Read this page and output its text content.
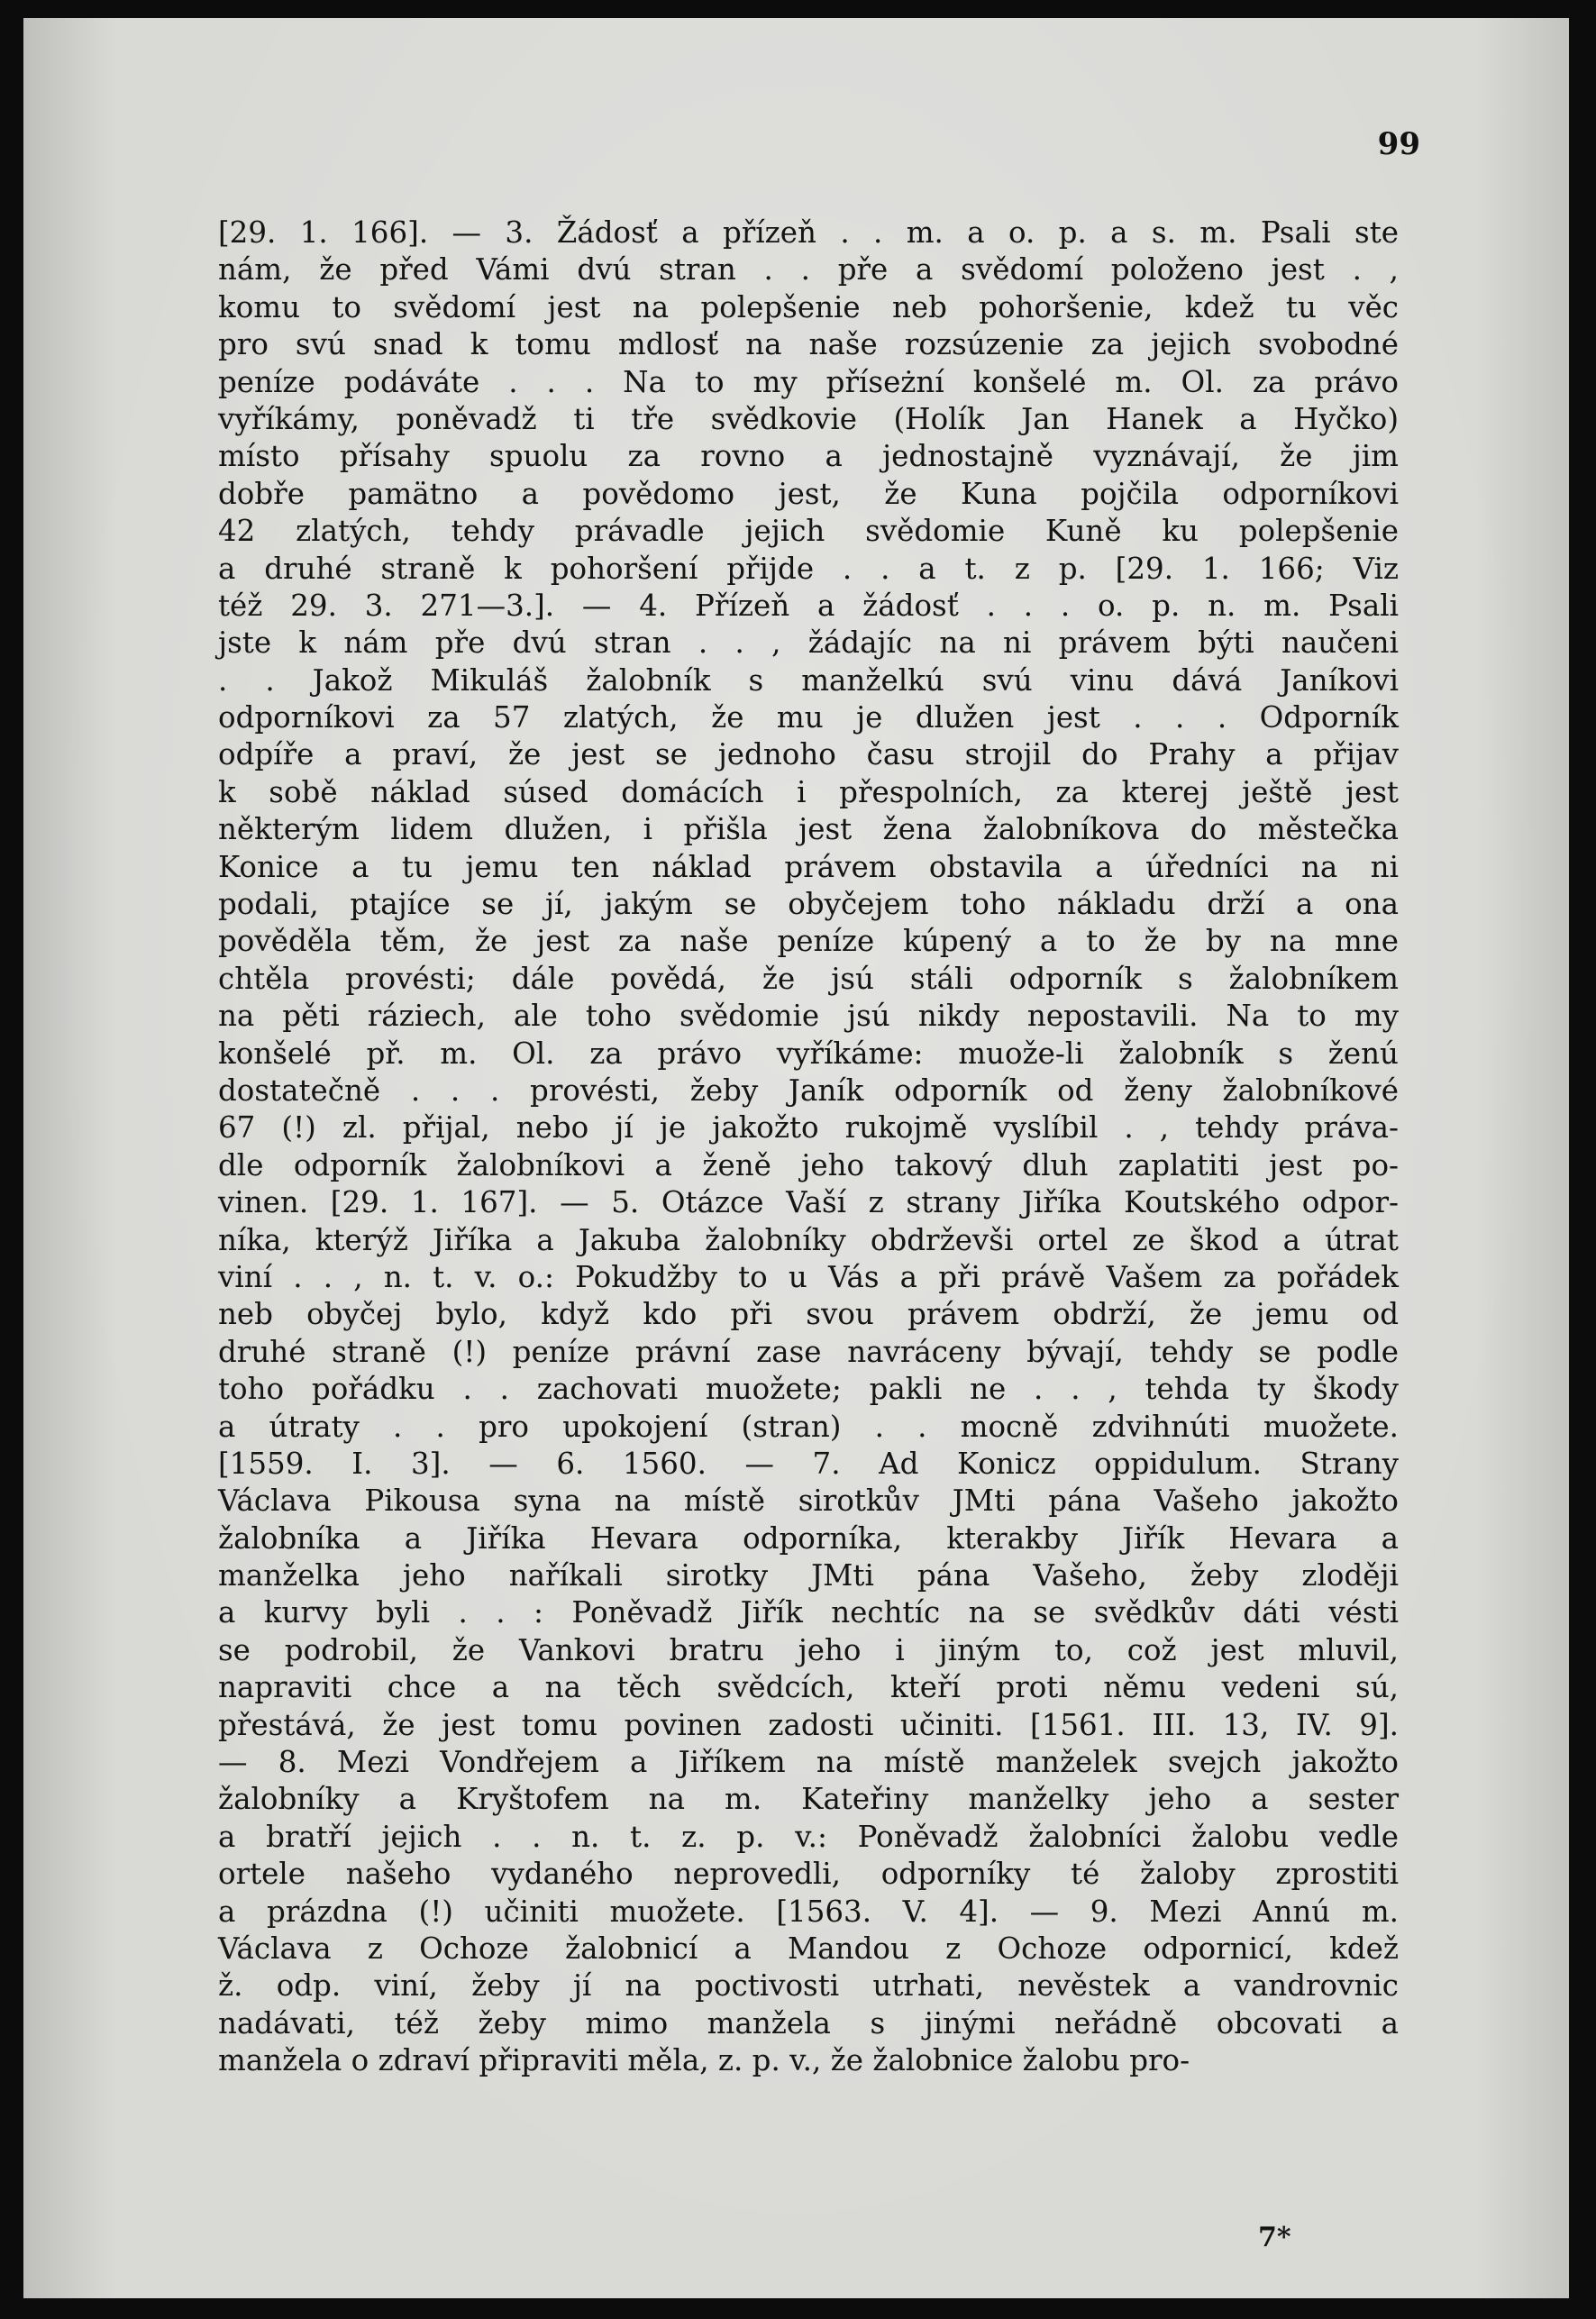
99
[29. 1. 166]. — 3. Žádosť a přízeň . . m. a o. p. a s. m. Psali ste
nám, že před Vámi dvú stran . . pře a svědomí položeno jest . ,
komu to svědomí jest na polepšenie neb pohoršenie, kdež tu věc
pro svú snad k tomu mdlosť na naše rozsúzenie za jejich svobodné
peníze podáváte . . . Na to my příseżní konšelé m. Ol. za právo
vyříkámy, poněvadž ti tře svědkovie (Holík Jan Hanek a Hyčko)
místo přísahy spuolu za rovno a jednostajně vyznávají, že jim
dobře pamätno a povědomo jest, že Kuna pojčila odporníkovi
42 zlatých, tehdy právadle jejich svědomie Kuně ku polepšenie
a druhé straně k pohoršení přijde . . a t. z p. [29. 1. 166; Viz
též 29. 3. 271—3.]. — 4. Přízeň a žádosť . . . o. p. n. m. Psali
jste k nám pře dvú stran . . , žádajíc na ni právem býti naučeni
. . Jakož Mikuláš žalobník s manželkú svú vinu dává Janíkovi
odporníkovi za 57 zlatých, že mu je dlužen jest . . . Odporník
odpíře a praví, že jest se jednoho času strojil do Prahy a přijav
k sobě náklad súsed domácích i přespolních, za kterej ještě jest
některým lidem dlužen, i přišla jest žena žalobníkova do městečka
Konice a tu jemu ten náklad právem obstavila a úředníci na ni
podali, ptajíce se jí, jakým se obyčejem toho nákladu drží a ona
pověděla těm, že jest za naše peníze kúpený a to že by na mne
chtěla provésti; dále povědá, že jsú stáli odporník s žalobníkem
na pěti ráziech, ale toho svědomie jsú nikdy nepostavili. Na to my
konšelé př. m. Ol. za právo vyříkáme: muože-li žalobník s ženú
dostatečně . . . provésti, žeby Janík odporník od ženy žalobníkové
67 (!) zl. přijal, nebo jí je jakožto rukojmě vyslíbil . , tehdy práva-
dle odporník žalobníkovi a ženě jeho takový dluh zaplatiti jest po-
vinen. [29. 1. 167]. — 5. Otázce Vaší z strany Jiříka Koutského odpor-
níka, kterýž Jiříka a Jakuba žalobníky obdrževši ortel ze škod a útrat
viní . . , n. t. v. o.: Pokudžby to u Vás a při právě Vašem za pořádek
neb obyčej bylo, když kdo při svou právem obdrží, že jemu od
druhé straně (!) peníze právní zase navráceny bývají, tehdy se podle
toho pořádku . . zachovati muožete; pakli ne . . , tehda ty škody
a útraty . . pro upokojení (stran) . . mocně zdvihnúti muožete.
[1559. I. 3]. — 6. 1560. — 7. Ad Konicz oppidulum. Strany
Václava Pikousa syna na místě sirotkův JMti pána Vašeho jakožto
žalobníka a Jiříka Hevara odporníka, kterakby Jiřík Hevara a
manželka jeho naříkali sirotky JMti pána Vašeho, žeby zloději
a kurvy byli . . : Poněvadž Jiřík nechtíc na se svědkův dáti vésti
se podrobil, že Vankovi bratru jeho i jiným to, což jest mluvil,
napraviti chce a na těch svědcích, kteří proti němu vedeni sú,
přestává, že jest tomu povinen zadosti učiniti. [1561. III. 13, IV. 9].
— 8. Mezi Vondřejem a Jiříkem na místě manželek svejch jakožto
žalobníky a Kryštofem na m. Kateřiny manželky jeho a sester
a bratří jejich . . n. t. z. p. v.: Poněvadž žalobníci žalobu vedle
ortele našeho vydaného neprovedli, odporníky té žaloby zprostiti
a prázdna (!) učiniti muožete. [1563. V. 4]. — 9. Mezi Annú m.
Václava z Ochoze žalobnicí a Mandou z Ochoze odpornicí, kdež
ž. odp. viní, žeby jí na poctivosti utrhati, nevěstek a vandrovnic
nadávati, též žeby mimo manžela s jinými neřádně obcovati a
manžela o zdraví připraviti měla, z. p. v., že žalobnice žalobu pro-
7*
